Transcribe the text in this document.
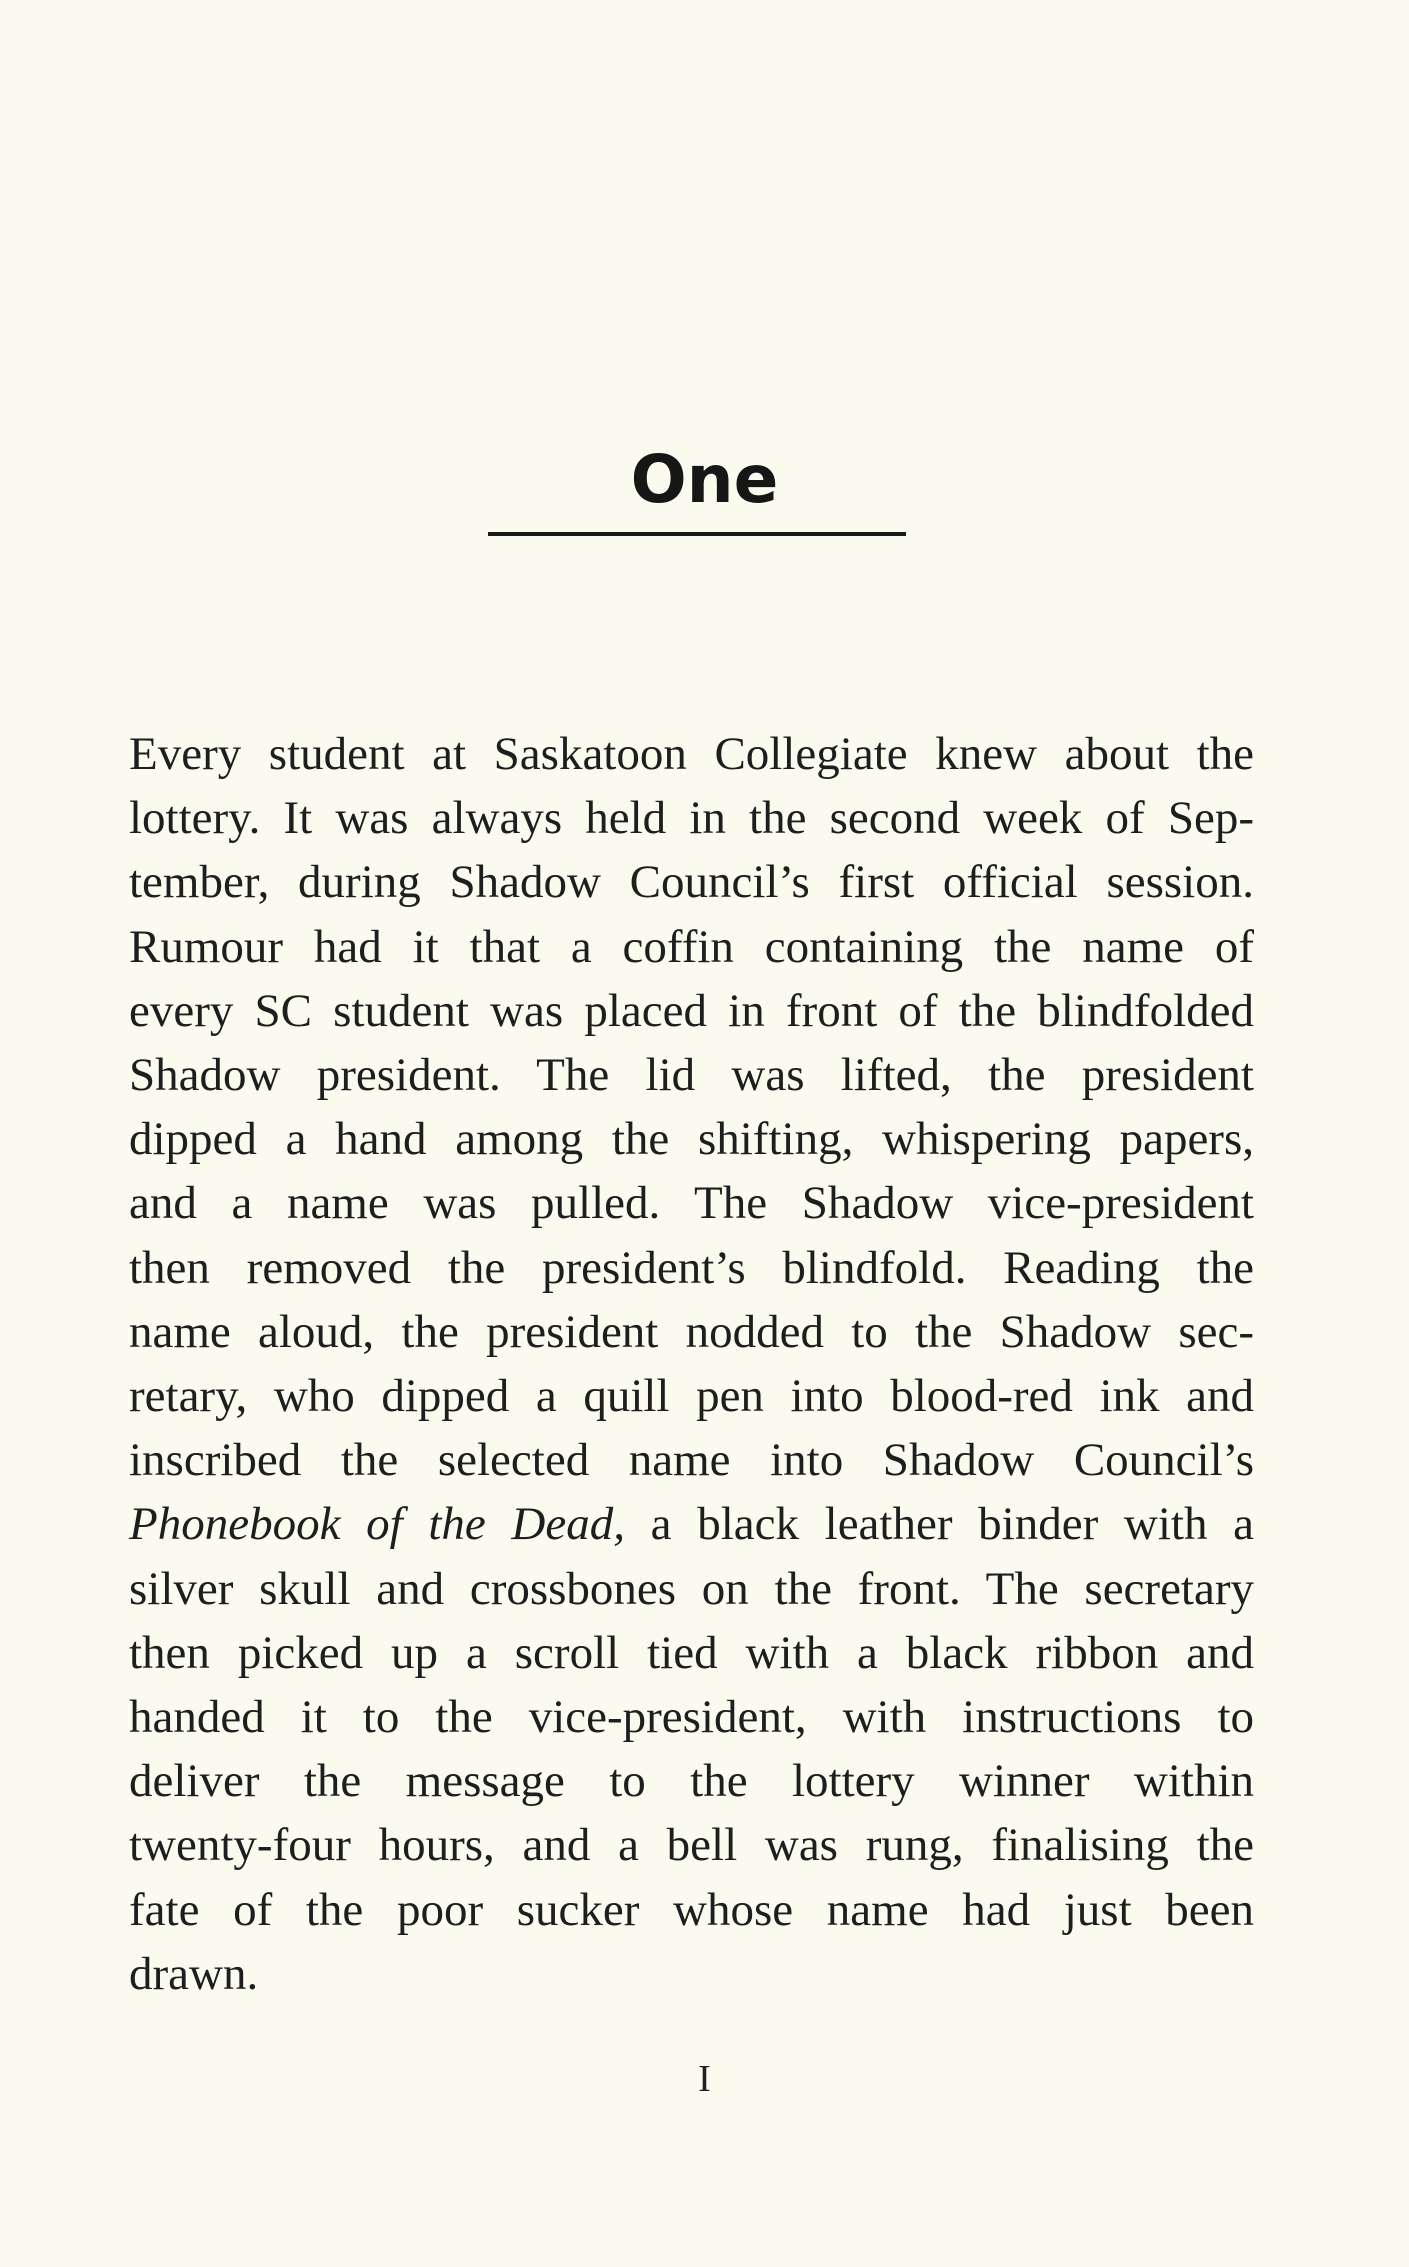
One
Every student at Saskatoon Collegiate knew about the
lottery. It was always held in the second week of Sep-
tember, during Shadow Council’s first official session.
Rumour had it that a coffin containing the name of
every SC student was placed in front of the blindfolded
Shadow president. The lid was lifted, the president
dipped a hand among the shifting, whispering papers,
and a name was pulled. The Shadow vice-president
then removed the president’s blindfold. Reading the
name aloud, the president nodded to the Shadow sec-
retary, who dipped a quill pen into blood-red ink and
inscribed the selected name into Shadow Council’s
Phonebook of the Dead, a black leather binder with a
silver skull and crossbones on the front. The secretary
then picked up a scroll tied with a black ribbon and
handed it to the vice-president, with instructions to
deliver the message to the lottery winner within
twenty-four hours, and a bell was rung, finalising the
fate of the poor sucker whose name had just been
drawn.
I
